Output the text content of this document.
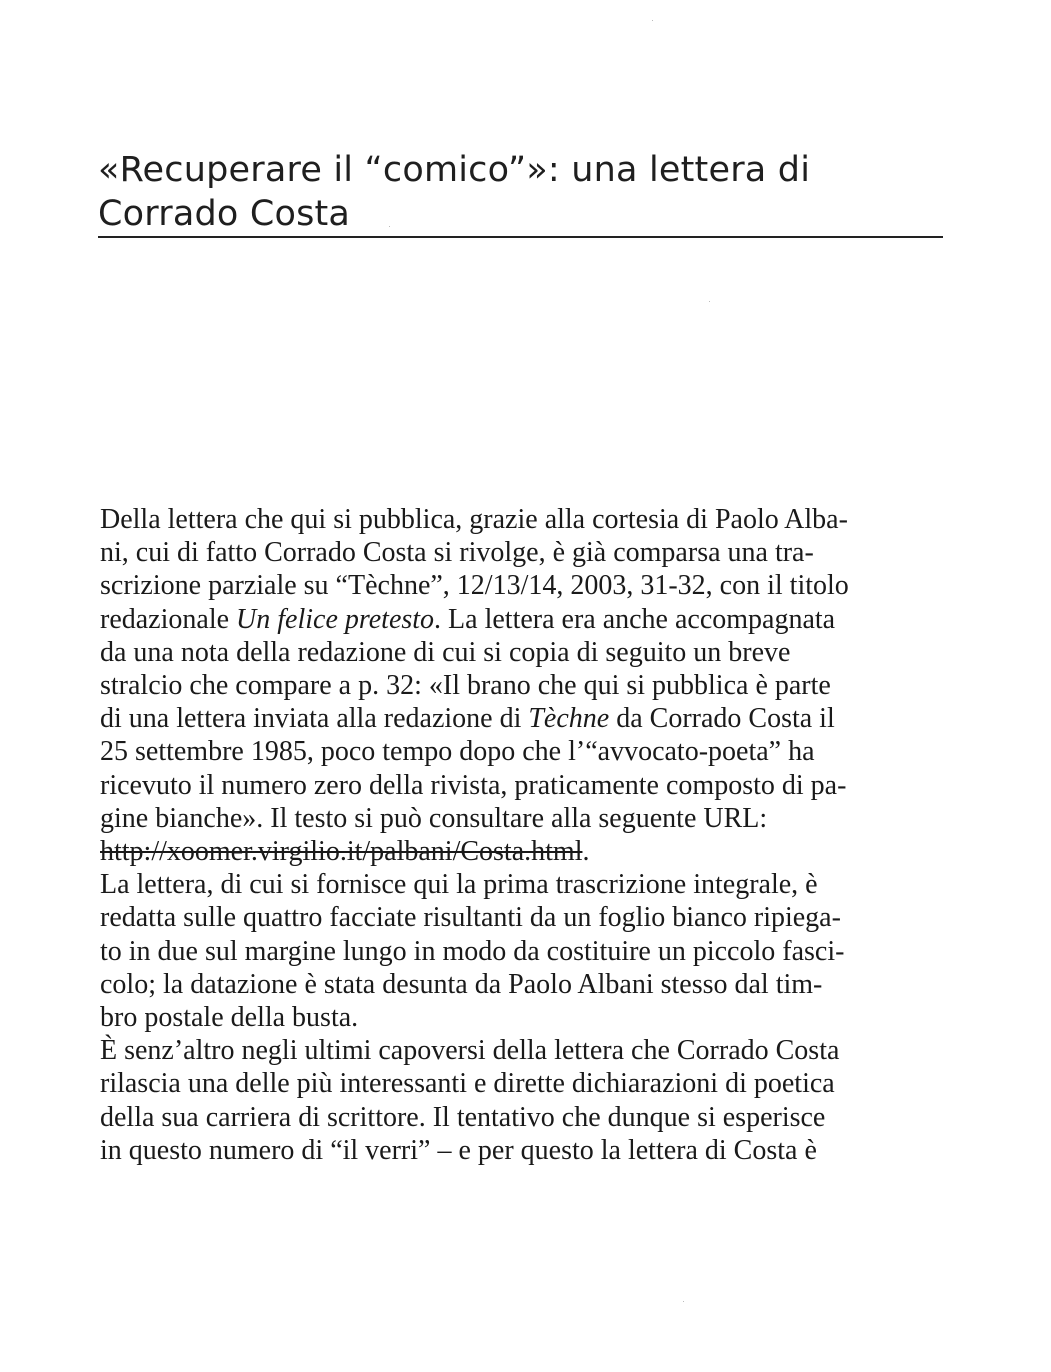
«Recuperare il “comico”»: una lettera di
Corrado Costa
Della lettera che qui si pubblica, grazie alla cortesia di Paolo Alba-
ni, cui di fatto Corrado Costa si rivolge, è già comparsa una tra-
scrizione parziale su “Tèchne”, 12/13/14, 2003, 31-32, con il titolo
redazionale Un felice pretesto. La lettera era anche accompagnata
da una nota della redazione di cui si copia di seguito un breve
stralcio che compare a p. 32: «Il brano che qui si pubblica è parte
di una lettera inviata alla redazione di Tèchne da Corrado Costa il
25 settembre 1985, poco tempo dopo che l’“avvocato-poeta” ha
ricevuto il numero zero della rivista, praticamente composto di pa-
gine bianche». Il testo si può consultare alla seguente URL:
http://xoomer.virgilio.it/palbani/Costa.html.
La lettera, di cui si fornisce qui la prima trascrizione integrale, è
redatta sulle quattro facciate risultanti da un foglio bianco ripiega-
to in due sul margine lungo in modo da costituire un piccolo fasci-
colo; la datazione è stata desunta da Paolo Albani stesso dal tim-
bro postale della busta.
È senz’altro negli ultimi capoversi della lettera che Corrado Costa
rilascia una delle più interessanti e dirette dichiarazioni di poetica
della sua carriera di scrittore. Il tentativo che dunque si esperisce
in questo numero di “il verri” – e per questo la lettera di Costa è
